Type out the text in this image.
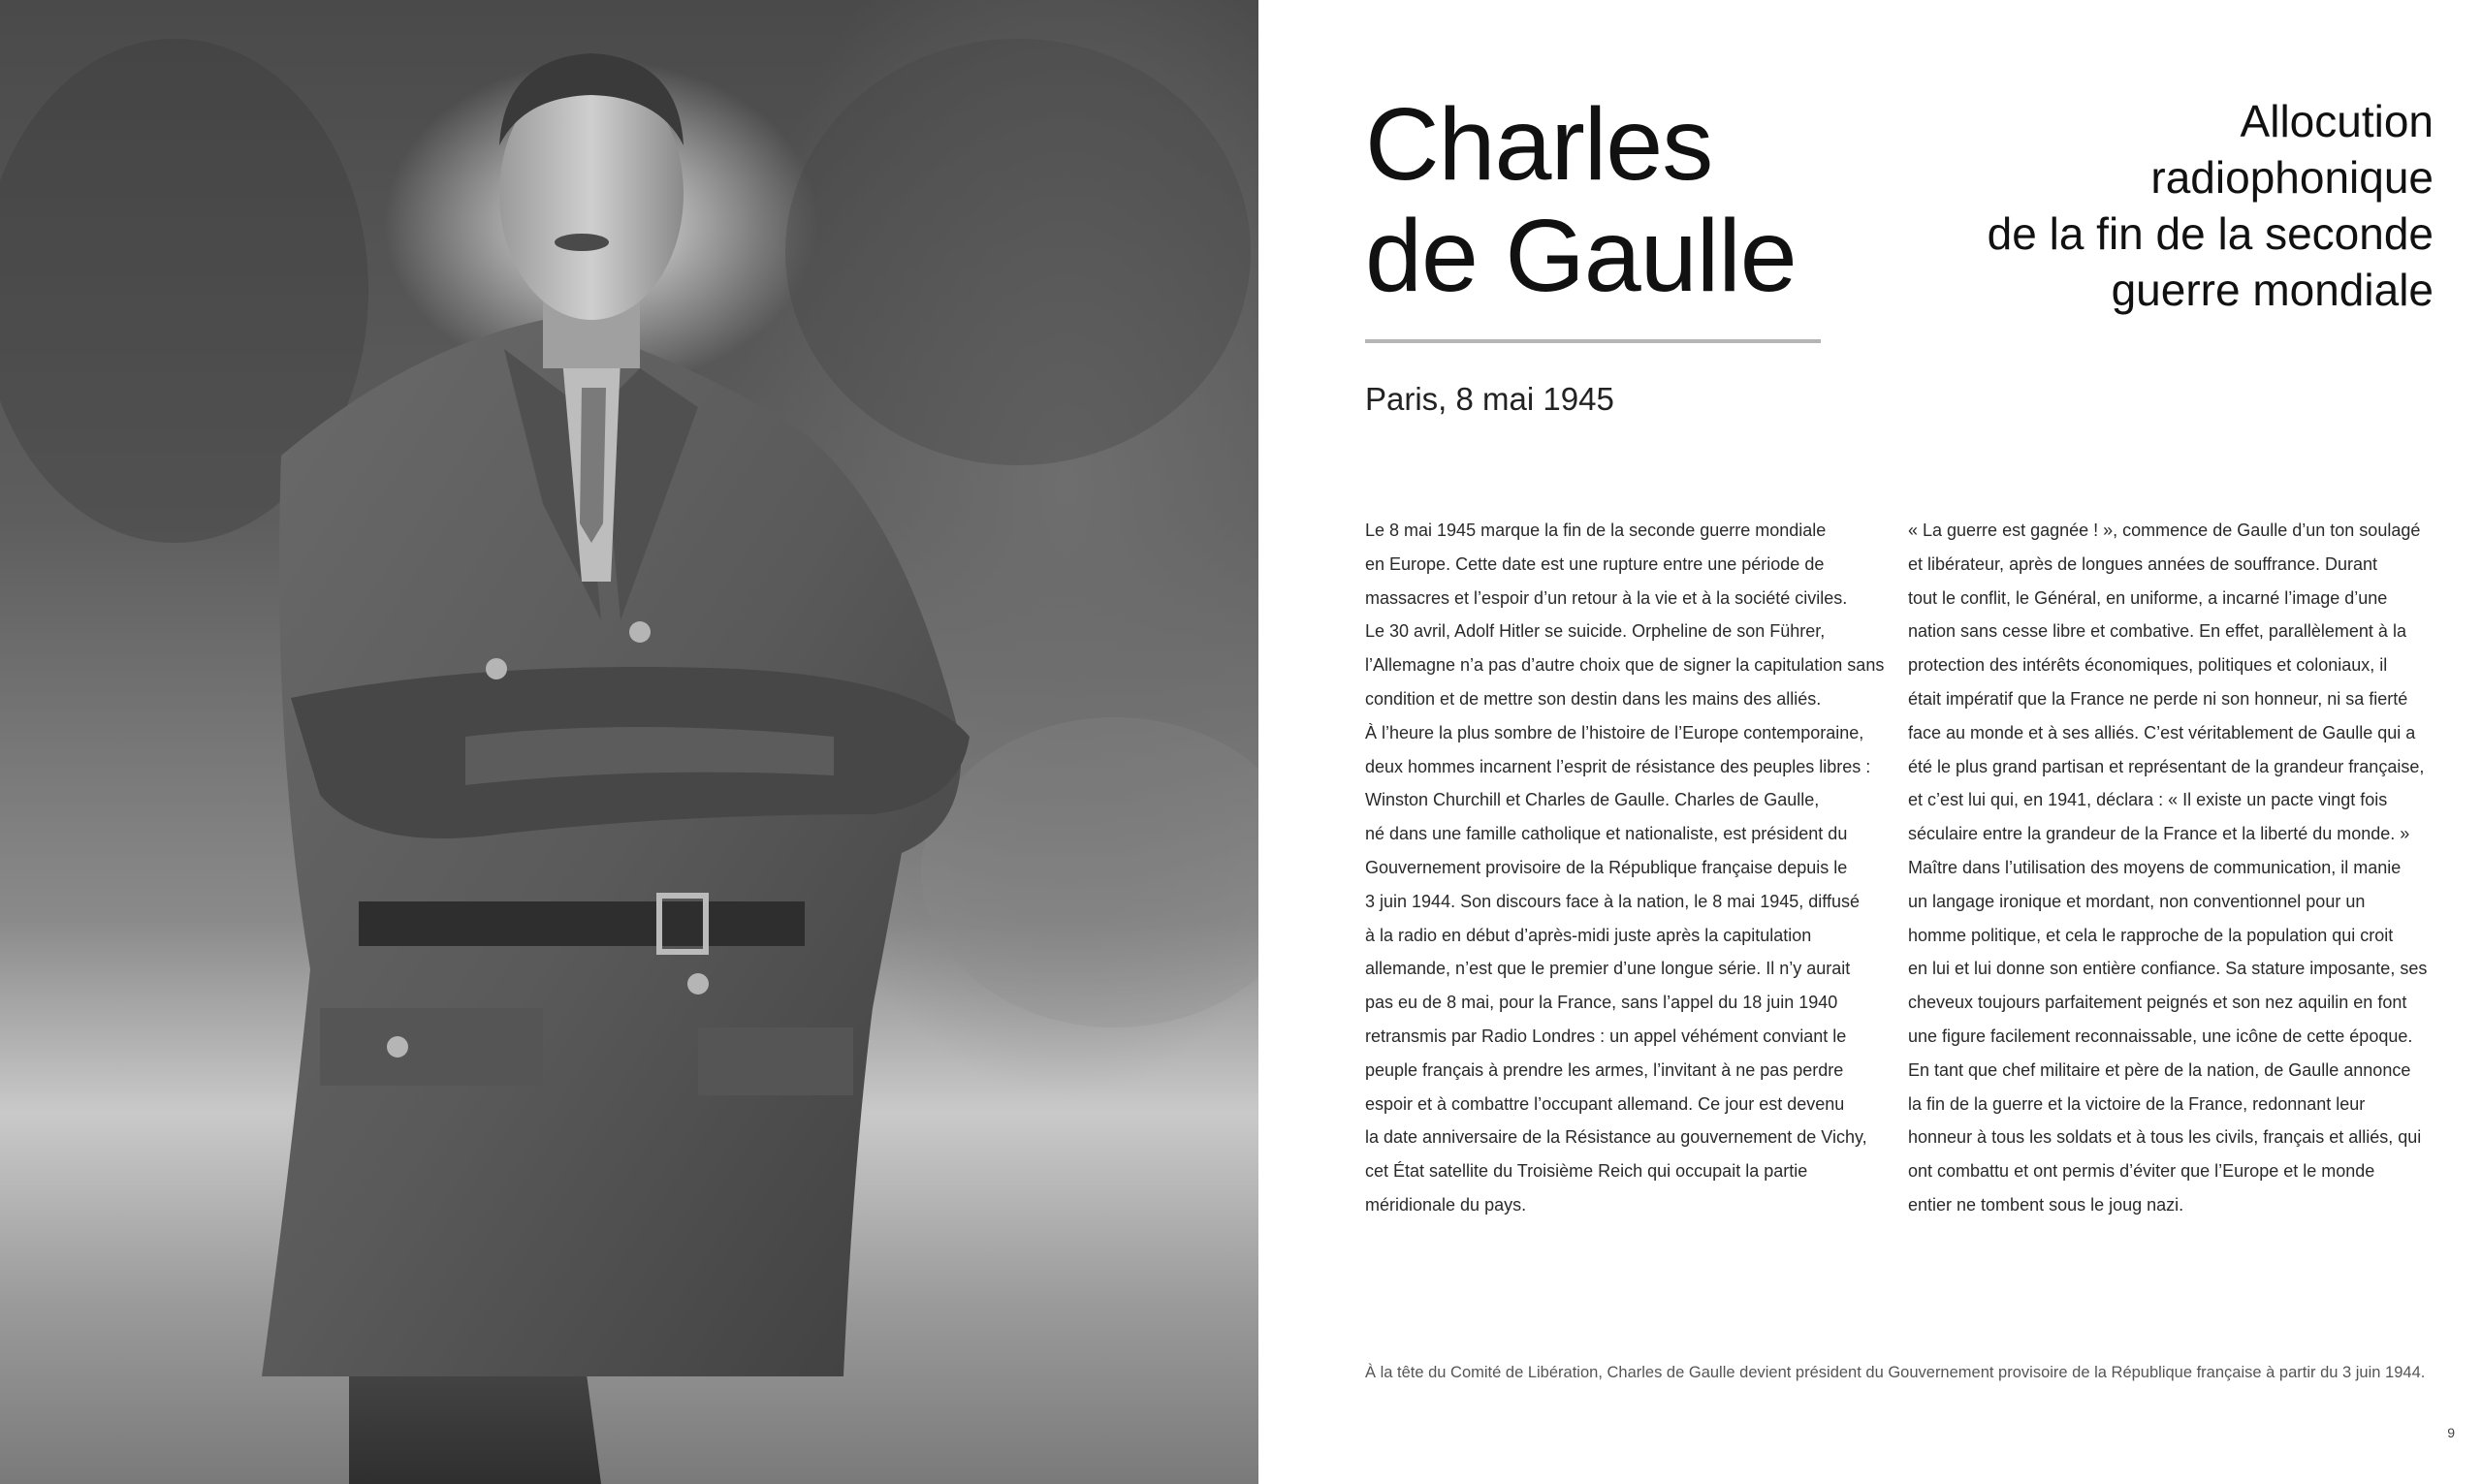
Charles
de Gaulle
Allocution
radiophonique
de la fin de la seconde
guerre mondiale
Paris, 8 mai 1945
Le 8 mai 1945 marque la fin de la seconde guerre mondiale
en Europe. Cette date est une rupture entre une période de
massacres et l’espoir d’un retour à la vie et à la société civiles.
Le 30 avril, Adolf Hitler se suicide. Orpheline de son Führer,
l’Allemagne n’a pas d’autre choix que de signer la capitulation sans
condition et de mettre son destin dans les mains des alliés.
À l’heure la plus sombre de l’histoire de l’Europe contemporaine,
deux hommes incarnent l’esprit de résistance des peuples libres :
Winston Churchill et Charles de Gaulle. Charles de Gaulle,
né dans une famille catholique et nationaliste, est président du
Gouvernement provisoire de la République française depuis le
3 juin 1944. Son discours face à la nation, le 8 mai 1945, diffusé
à la radio en début d’après-midi juste après la capitulation
allemande, n’est que le premier d’une longue série. Il n’y aurait
pas eu de 8 mai, pour la France, sans l’appel du 18 juin 1940
retransmis par Radio Londres : un appel véhément conviant le
peuple français à prendre les armes, l’invitant à ne pas perdre
espoir et à combattre l’occupant allemand. Ce jour est devenu
la date anniversaire de la Résistance au gouvernement de Vichy,
cet État satellite du Troisième Reich qui occupait la partie
méridionale du pays.
« La guerre est gagnée ! », commence de Gaulle d’un ton soulagé
et libérateur, après de longues années de souffrance. Durant
tout le conflit, le Général, en uniforme, a incarné l’image d’une
nation sans cesse libre et combative. En effet, parallèlement à la
protection des intérêts économiques, politiques et coloniaux, il
était impératif que la France ne perde ni son honneur, ni sa fierté
face au monde et à ses alliés. C’est véritablement de Gaulle qui a
été le plus grand partisan et représentant de la grandeur française,
et c’est lui qui, en 1941, déclara : « Il existe un pacte vingt fois
séculaire entre la grandeur de la France et la liberté du monde. »
Maître dans l’utilisation des moyens de communication, il manie
un langage ironique et mordant, non conventionnel pour un
homme politique, et cela le rapproche de la population qui croit
en lui et lui donne son entière confiance. Sa stature imposante, ses
cheveux toujours parfaitement peignés et son nez aquilin en font
une figure facilement reconnaissable, une icône de cette époque.
En tant que chef militaire et père de la nation, de Gaulle annonce
la fin de la guerre et la victoire de la France, redonnant leur
honneur à tous les soldats et à tous les civils, français et alliés, qui
ont combattu et ont permis d’éviter que l’Europe et le monde
entier ne tombent sous le joug nazi.
À la tête du Comité de Libération, Charles de Gaulle devient président du Gouvernement provisoire de la République française à partir du 3 juin 1944.
9
